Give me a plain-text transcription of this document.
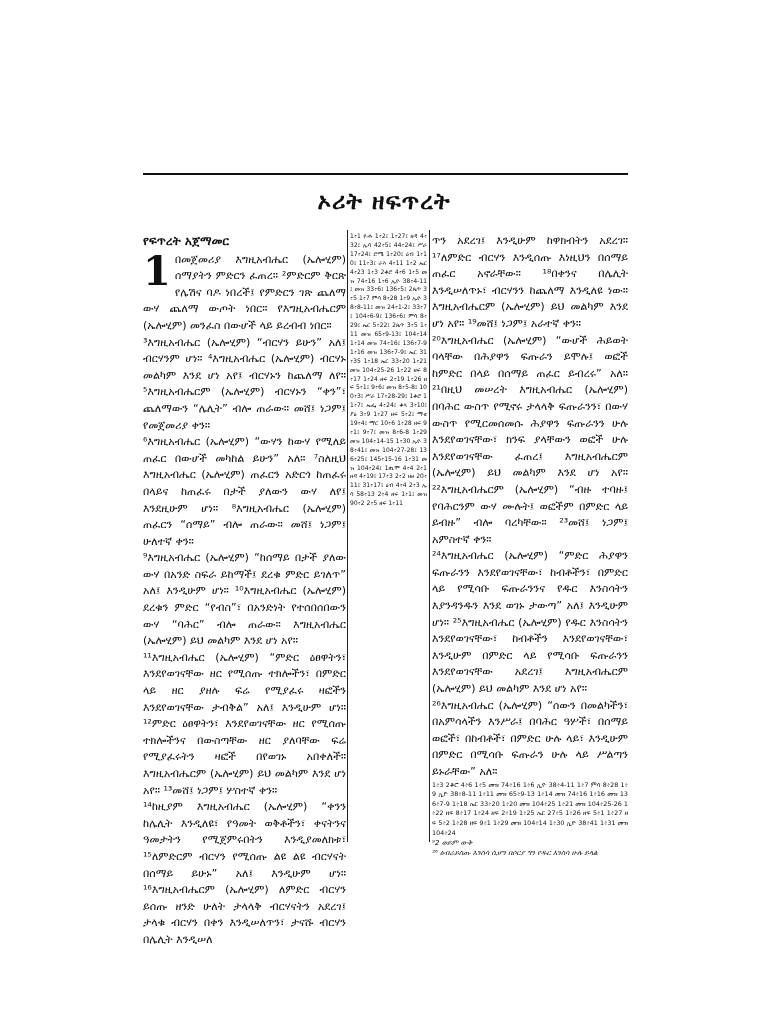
ኦሪት ዘፍጥረት
የፍጥረት አጀማመር
1 በመጀመሪያ እግዚአብሔር (ኤሎሂም) ሰማያትን ምድርን ፈጠረ። ²ምድርም ቅርጽ የሌሽና ባዶ ነበረች፤ የምድርን ገጽ ጨለማ ውሃ ጨለማ ውጦት ነበር። የእግዚአብሔርም (ኤሎሂም) መንፈስ በውሆች ላይ ይረብብ ነበር።

³እግዚአብሔር (ኤሎሂም) “ብርሃን ይሁን” አለ፤ ብርሃንም ሆነ። ⁴እግዚአብሔር (ኤሎሂም) ብርሃኑ መልካም እንደ ሆነ አየ፤ ብርሃኑን ከጨለማ ለየ። ⁵እግዚአብሔርም (ኤሎሂም) ብርሃኑን “ቀን”፣ ጨለማውን “ሌሊት” ብሎ ጠራው። መሸ፤ ነጋም፤ የመጀመሪያ ቀን።

⁶እግዚአብሔር (ኤሎሂም) “ውሃን ከውሃ የሚለይ ጠፈር በውሆች መካከል ይሁን” አለ። ⁷ስለዚህ እግዚአብሔር (ኤሎሂም) ጠፈርን አድርጎ ከጠፈሩ በላይና ከጠፈሩ በታች ያለውን ውሃ ለየ፤ እንደዚሁም ሆነ። ⁸እግዚአብሔር (ኤሎሂም) ጠፈርን “ሰማይ” ብሎ ጠራው። መሸ፤ ነጋም፤ ሁለተኛ ቀን።

⁹እግዚአብሔር (ኤሎሂም) “ከሰማይ በታች ያለው ውሃ በአንድ ስፍራ ይከማች፤ ደረቁ ምድር ይገለጥ” አለ፤ እንዲሁም ሆነ። ¹⁰እግዚአብሔር (ኤሎሂም) ደረቁን ምድር “የብስ”፣ በአንድነት የተሰበሰበውን ውሃ “ባሕር” ብሎ ጠራው። እግዚአብሔር (ኤሎሂም) ይህ መልካም እንደ ሆነ አየ።

¹¹እግዚአብሔር (ኤሎሂም) “ምድር ዕፀዋትን፣ እንደየወገናቸው ዘር የሚሰጡ ተክሎችን፣ በምድር ላይ ዘር ያዘሉ ፍሬ የሚያፈሩ ዛፎችን እንደየወገናቸው ታብቅል” አለ፤ እንዲሁም ሆነ። ¹²ምድር ዕፀዋትን፣ እንደየወገናቸው ዘር የሚሰጡ ተክሎችንና በውስጣቸው ዘር ያለባቸው ፍሬ የሚያፈሩትን ዛፎች በየወገኑ አበቀለች። እግዚአብሔርም (ኤሎሂም) ይህ መልካም እንደ ሆነ አየ። ¹³መሸ፤ ነጋም፤ ሦስተኛ ቀን።

¹⁴ከዚያም እግዚአብሔር (ኤሎሂም) “ቀንን ከሌሊት እንዲለዩ፣ የዓመት ወቅቶችን፣ ቀናትንና ዓመታትን የሚጀምሩበትን እንዲያመለክቱ፣ ¹⁵ለምድርም ብርሃን የሚሰጡ ልዩ ልዩ ብርሃናት በሰማይ ይሁኑ” አለ፤ እንዲሁም ሆነ። ¹⁶እግዚአብሔርም (ኤሎሂም) ለምድር ብርሃን ይሰጡ ዘንድ ሁለት ታላላቅ ብርሃናትን አደረገ፤ ታላቁ ብርሃን በቀን እንዲሠለጥን፣ ታናሹ ብርሃን በሌሊት እንዲሠለ

1፥1 ዮሐ 1፥2፤ 1፥27፤ ዘዳ 4፥32፤ ኢሳ 42፥5፤ 44፥24፤ ሥራ 17፥24፤ ሮሜ 1፥20፤ ዕብ 1፥10፤ 11፥3፤ ራእ 4፥11 1፥2 ኤር 4፥23 1፥3 2ቆሮ 4፥6 1፥5 መዝ 74፥16 1፥6 ኢዮ 38፥4-11፤ መዝ 33፥6፤ 136፥5፤ 2ጴጥ 3፥5 1፥7 ምሳ 8፥28 1፥9 ኢዮ 38፥8-11፤ መዝ 24፥1-2፤ 33፥7፤ 104፥6-9፤ 136፥6፤ ምሳ 8፥29፤ ኤር 5፥22፤ 2ጴጥ 3፥5 1፥11 መዝ 65፥9-13፤ 104፥14 1፥14 መዝ 74፥16፤ 136፥7-9 1፥16 መዝ 136፥7-9፤ ኤር 31፥35 1፥18 ኤር 33፥20 1፥21 መዝ 104፥25-26 1፥22 ዘፍ 8፥17 1፥24 ዘፍ 2፥19 1፥26 ዘፍ 5፥1፤ 9፥6፤ መዝ 8፥5-8፤ 100፥3፤ ሥራ 17፥28-29፤ 1ቆሮ 11፥7፤ ኤፌ 4፥24፤ ቆላ 3፥10፤ ያዕ 3፥9 1፥27 ዘፍ 5፥2፤ ማቴ 19፥4፤ ማር 10፥6 1፥28 ዘፍ 9፥1፤ 9፥7፤ መዝ 8፥6-8 1፥29 መዝ 104፥14-15 1፥30 ኢዮ 38፥41፤ መዝ 104፥27-28፤ 136፥25፤ 145፥15-16 1፥31 መዝ 104፥24፤ 1ጢሞ 4፥4 2፥1 ዘዳ 4፥19፤ 17፥3 2፥2 ዘፀ 20፥11፤ 31፥17፤ ዕብ 4፥4 2፥3 ኢሳ 58፥13 2፥4 ዘፍ 1፥1፤ መዝ 90፥2 2፥5 ዘፍ 1፥11

ጥን አደረገ፤ እንዲሁም ከዋክብትን አደረገ። ¹⁷ለምድር ብርሃን እንዲሰጡ እነዚህን በሰማይ ጠፈር አኖራቸው። ¹⁸በቀንና በሌሊት እንዲሠለጥኑ፣ ብርሃንን ከጨለማ እንዲለዩ ነው። እግዚአብሔርም (ኤሎሂም) ይህ መልካም እንደ ሆነ አየ። ¹⁹መሸ፤ ነጋም፤ አራተኛ ቀን።

²⁰እግዚአብሔር (ኤሎሂም) “ውሆች ሕይወት ባላቸው በሕያዋን ፍጡራን ይሞሉ፤ ወፎች ከምድር በላይ በሰማይ ጠፈር ይብረሩ” አለ። ²¹በዚህ መሠረት እግዚአብሔር (ኤሎሂም) በባሕር ውስጥ የሚኖሩ ታላላቅ ፍጡራንን፣ በውሃ ውስጥ የሚርመሰመሱ ሕያዋን ፍጡራንን ሁሉ እንደየወገናቸው፣ ክንፍ ያላቸውን ወፎች ሁሉ እንደየወገናቸው ፈጠረ፤ እግዚአብሔርም (ኤሎሂም) ይህ መልካም እንደ ሆነ አየ። ²²እግዚአብሔርም (ኤሎሂም) “ብዙ ተባዙ፤ የባሕርንም ውሃ ሙሉት፤ ወፎችም በምድር ላይ ይብዙ” ብሎ ባረካቸው። ²³መሸ፤ ነጋም፤ አምስተኛ ቀን።

²⁴እግዚአብሔር (ኤሎሂም) “ምድር ሕያዋን ፍጡራንን እንደየወገናቸው፣ ከብቶችን፣ በምድር ላይ የሚሳቡ ፍጡራንንና የዱር እንስሳትን እያንዳንዱን እንደ ወገኑ ታውጣ” አለ፤ እንዲሁም ሆነ። ²⁵እግዚአብሔር (ኤሎሂም) የዱር እንስሳትን እንደየወገናቸው፣ ከብቶችን እንደየወገናቸው፣ እንዲሁም በምድር ላይ የሚሳቡ ፍጡራንን እንደየወገናቸው አደረገ፤ እግዚአብሔርም (ኤሎሂም) ይህ መልካም እንደ ሆነ አየ።

²⁶እግዚአብሔር (ኤሎሂም) “ሰውን በመልካችን፣ በአምሳላችን እንሥራ፤ በባሕር ዓሦች፣ በሰማይ ወፎች፣ በከብቶች፣ በምድር ሁሉ ላይ፣ እንዲሁም በምድር በሚሳቡ ፍጡራን ሁሉ ላይ ሥልጣን ይኑራቸው” አለ።

1፥3 2ቆሮ 4፥6 1፥5 መዝ 74፥16 1፥6 ኢዮ 38፥4-11 1፥7 ምሳ 8፥28 1፥9 ኢዮ 38፥8-11 1፥11 መዝ 65፥9-13 1፥14 መዝ 74፥16 1፥16 መዝ 136፥7-9 1፥18 ኤር 33፥20 1፥20 መዝ 104፥25 1፥21 መዝ 104፥25-26 1፥22 ዘፍ 8፥17 1፥24 ዘፍ 2፥19 1፥25 ኤር 27፥5 1፥26 ዘፍ 5፥1 1፥27 ዘፍ 5፥2 1፥28 ዘፍ 9፥1 1፥29 መዝ 104፥14 1፥30 ኢዮ 38፥41 1፥31 መዝ 104፥24

⁹2 ወይም ውቅ

²⁶ ዕብራይስጡ እንስሳ ሲሆን በሶርያ ግን የዱር እንስሳ ሁሉ ይላል
